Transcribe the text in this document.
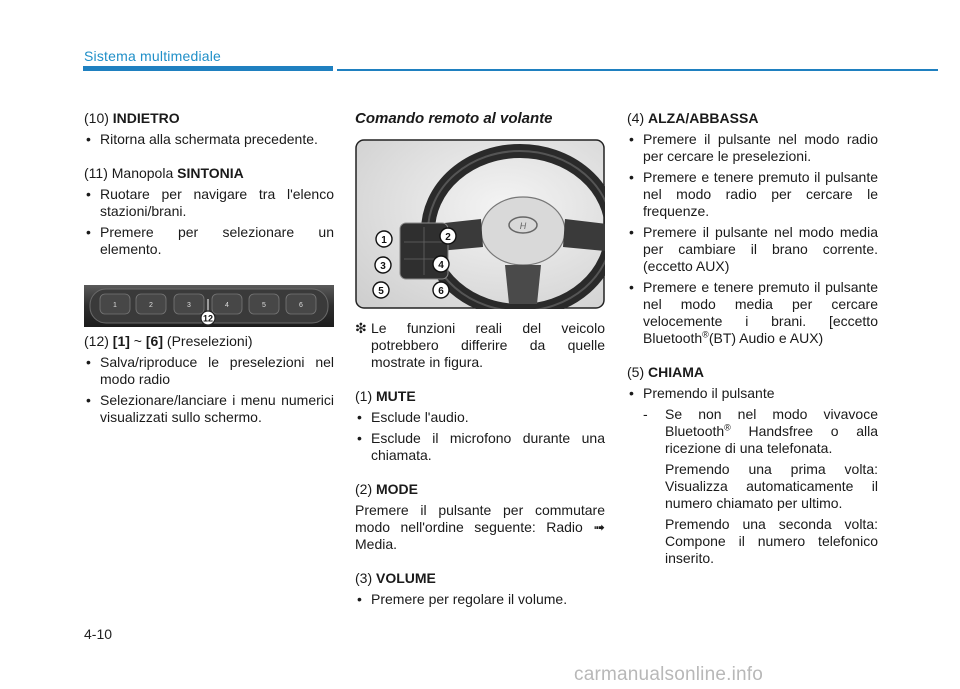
Sistema multimediale

(10) INDIETRO

• Ritorna alla schermata precedente.

(11) Manopola SINTONIA

• Ruotare per navigare tra l'elenco stazioni/brani.

• Premere per selezionare un elemento.

1	2	3	4	5	6
12

(12) [1] ~ [6] (Preselezioni)

• Salva/riproduce le preselezioni nel modo radio

• Selezionare/lanciare i menu numerici visualizzati sullo schermo.

Comando remoto al volante

H
1	2
3	4
5	6

❇ Le funzioni reali del veicolo potrebbero differire da quelle mostrate in figura.

(1) MUTE

• Esclude l'audio.

• Esclude il microfono durante una chiamata.

(2) MODE

Premere il pulsante per commutare modo nell'ordine seguente: Radio ➟ Media.

(3) VOLUME

• Premere per regolare il volume.

(4) ALZA/ABBASSA

• Premere il pulsante nel modo radio per cercare le preselezioni.

• Premere e tenere premuto il pulsante nel modo radio per cercare le frequenze.

• Premere il pulsante nel modo media per cambiare il brano corrente. (eccetto AUX)

• Premere e tenere premuto il pulsante nel modo media per cercare velocemente i brani. [eccetto Bluetooth®(BT) Audio e AUX)

(5) CHIAMA

• Premendo il pulsante

- Se non nel modo vivavoce Bluetooth® Handsfree o alla ricezione di una telefonata.

Premendo una prima volta: Visualizza automaticamente il numero chiamato per ultimo.

Premendo una seconda volta: Compone il numero telefonico inserito.

4-10
carmanualsonline.info
